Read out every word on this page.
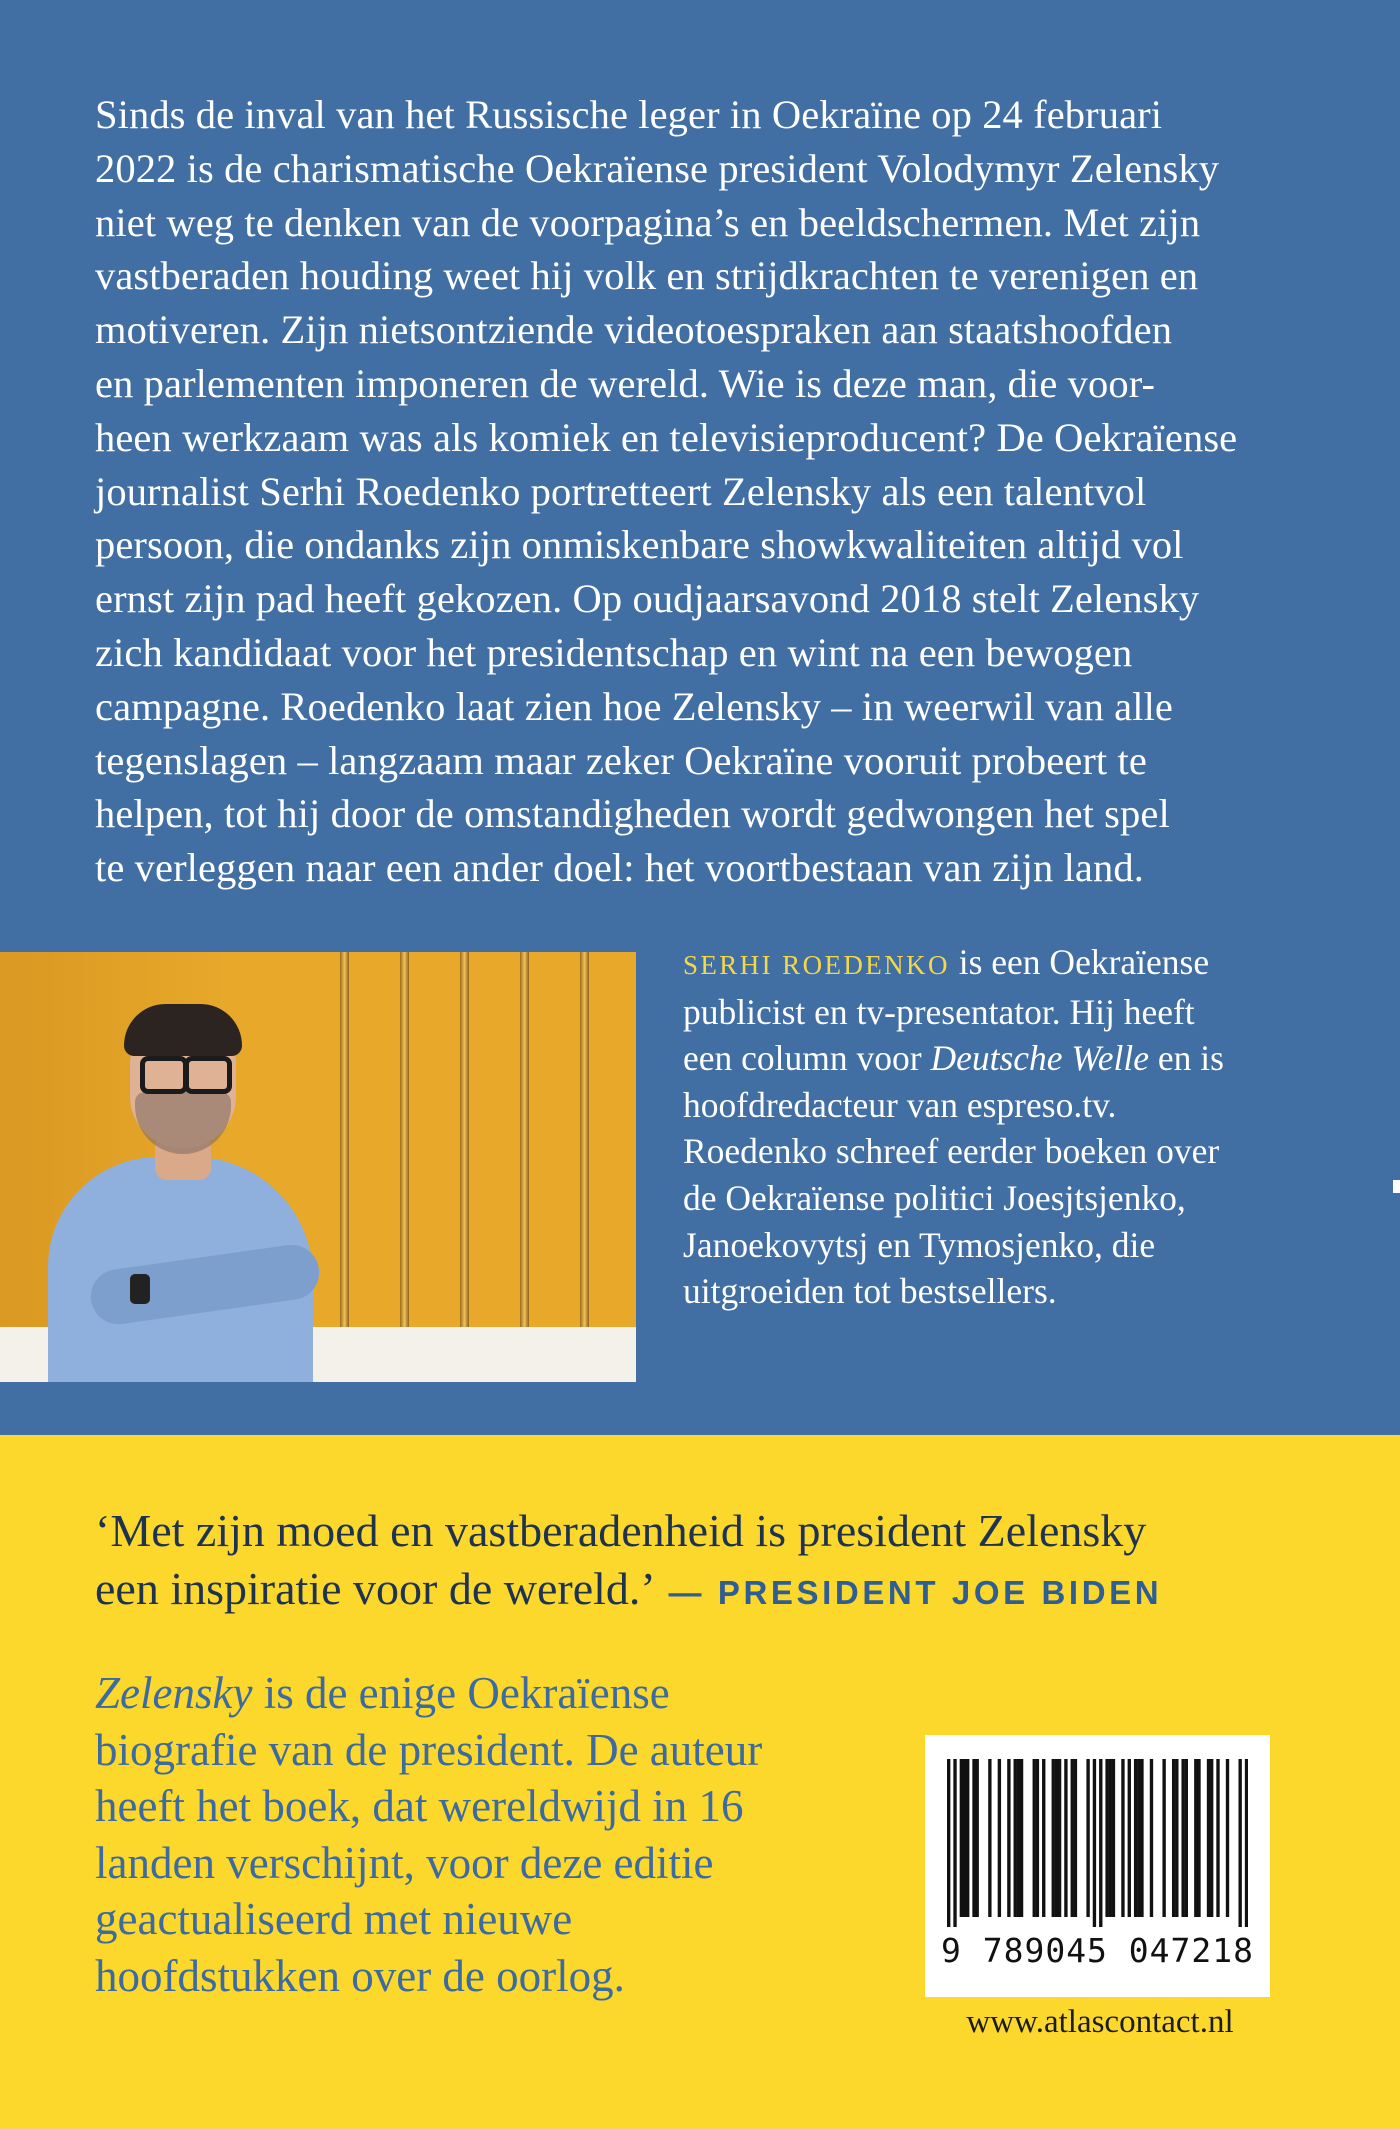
Sinds de inval van het Russische leger in Oekraïne op 24 februari
2022 is de charismatische Oekraïense president Volodymyr Zelensky
niet weg te denken van de voorpagina’s en beeldschermen. Met zijn
vastberaden houding weet hij volk en strijdkrachten te verenigen en
motiveren. Zijn nietsontziende videotoespraken aan staatshoofden
en parlementen imponeren de wereld. Wie is deze man, die voor-
heen werkzaam was als komiek en televisieproducent? De Oekraïense
journalist Serhi Roedenko portretteert Zelensky als een talentvol
persoon, die ondanks zijn onmiskenbare showkwaliteiten altijd vol
ernst zijn pad heeft gekozen. Op oudjaarsavond 2018 stelt Zelensky
zich kandidaat voor het presidentschap en wint na een bewogen
campagne. Roedenko laat zien hoe Zelensky – in weerwil van alle
tegenslagen – langzaam maar zeker Oekraïne vooruit probeert te
helpen, tot hij door de omstandigheden wordt gedwongen het spel
te verleggen naar een ander doel: het voortbestaan van zijn land.

SERHI ROEDENKO is een Oekraïense
publicist en tv-presentator. Hij heeft
een column voor Deutsche Welle en is
hoofdredacteur van espreso.tv.
Roedenko schreef eerder boeken over
de Oekraïense politici Joesjtsjenko,
Janoekovytsj en Tymosjenko, die
uitgroeiden tot bestsellers.

‘Met zijn moed en vastberadenheid is president Zelensky
een inspiratie voor de wereld.’ — PRESIDENT JOE BIDEN

Zelensky is de enige Oekraïense
biografie van de president. De auteur
heeft het boek, dat wereldwijd in 16
landen verschijnt, voor deze editie
geactualiseerd met nieuwe
hoofdstukken over de oorlog.	9 789045 047218
www.atlascontact.nl
